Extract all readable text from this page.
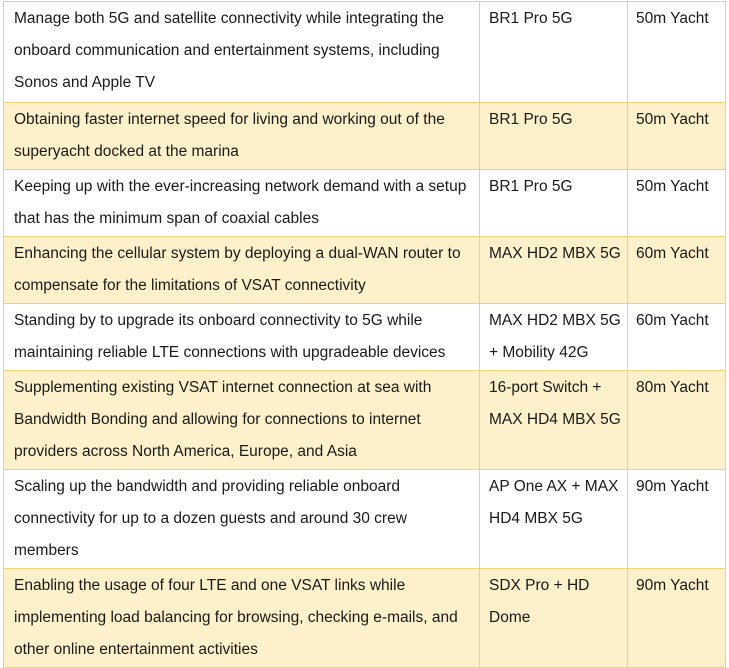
Manage both 5G and satellite connectivity while integrating the onboard communication and entertainment systems, including Sonos and Apple TV	BR1 Pro 5G	50m Yacht
Obtaining faster internet speed for living and working out of the superyacht docked at the marina	BR1 Pro 5G	50m Yacht
Keeping up with the ever-increasing network demand with a setup that has the minimum span of coaxial cables	BR1 Pro 5G	50m Yacht
Enhancing the cellular system by deploying a dual-WAN router to compensate for the limitations of VSAT connectivity	MAX HD2 MBX 5G	60m Yacht
Standing by to upgrade its onboard connectivity to 5G while maintaining reliable LTE connections with upgradeable devices	MAX HD2 MBX 5G + Mobility 42G	60m Yacht
Supplementing existing VSAT internet connection at sea with Bandwidth Bonding and allowing for connections to internet providers across North America, Europe, and Asia	16-port Switch + MAX HD4 MBX 5G	80m Yacht
Scaling up the bandwidth and providing reliable onboard connectivity for up to a dozen guests and around 30 crew members	AP One AX + MAX HD4 MBX 5G	90m Yacht
Enabling the usage of four LTE and one VSAT links while implementing load balancing for browsing, checking e-mails, and other online entertainment activities	SDX Pro + HD Dome	90m Yacht
